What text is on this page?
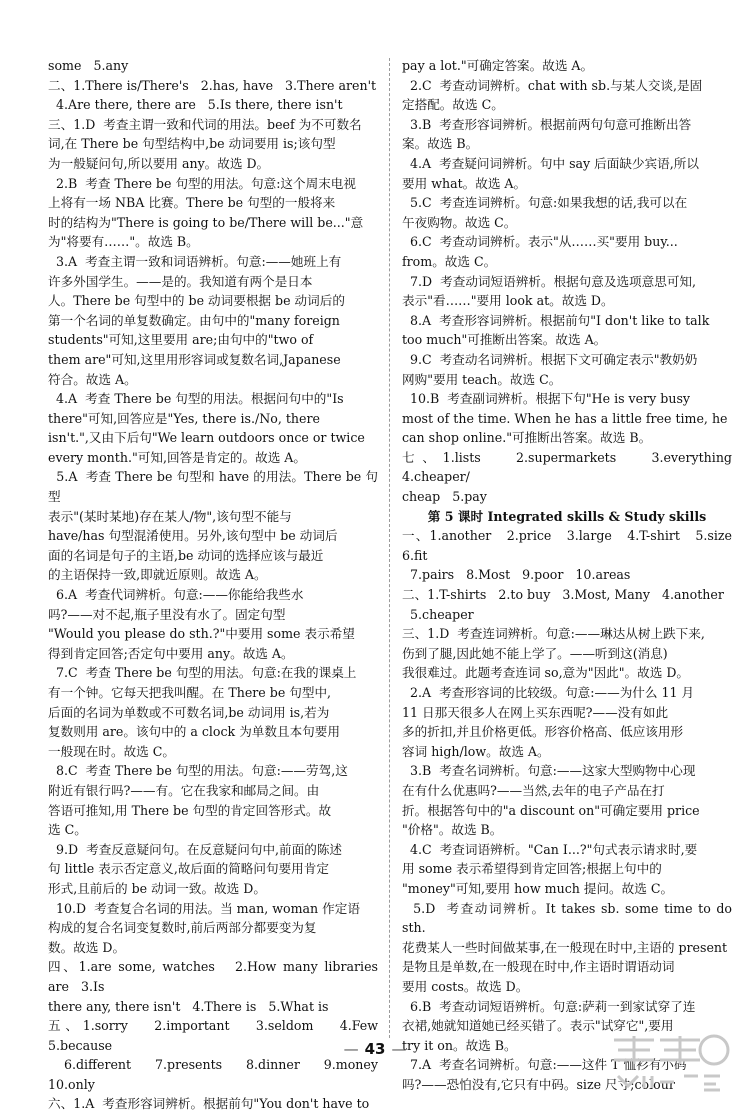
some   5.any

二、1.There is/There's   2.has, have   3.There aren't

4.Are there, there are   5.Is there, there isn't

三、1.D  考查主谓一致和代词的用法。beef 为不可数名

词,在 There be 句型结构中,be 动词要用 is;该句型

为一般疑问句,所以要用 any。故选 D。

2.B  考查 There be 句型的用法。句意:这个周末电视

上将有一场 NBA 比赛。There be 句型的一般将来

时的结构为"There is going to be/There will be..."意

为"将要有……"。故选 B。

3.A  考查主谓一致和词语辨析。句意:——她班上有

许多外国学生。——是的。我知道有两个是日本

人。There be 句型中的 be 动词要根据 be 动词后的

第一个名词的单复数确定。由句中的"many foreign

students"可知,这里要用 are;由句中的"two of

them are"可知,这里用形容词或复数名词,Japanese

符合。故选 A。

4.A  考查 There be 句型的用法。根据问句中的"Is

there"可知,回答应是"Yes, there is./No, there

isn't.",又由下后句"We learn outdoors once or twice

every month."可知,回答是肯定的。故选 A。

5.A  考查 There be 句型和 have 的用法。There be 句型

表示"(某时某地)存在某人/物",该句型不能与

have/has 句型混淆使用。另外,该句型中 be 动词后

面的名词是句子的主语,be 动词的选择应该与最近

的主语保持一致,即就近原则。故选 A。

6.A  考查代词辨析。句意:——你能给我些水

吗?——对不起,瓶子里没有水了。固定句型

"Would you please do sth.?"中要用 some 表示希望

得到肯定回答;否定句中要用 any。故选 A。

7.C  考查 There be 句型的用法。句意:在我的课桌上

有一个钟。它每天把我叫醒。在 There be 句型中,

后面的名词为单数或不可数名词,be 动词用 is,若为

复数则用 are。该句中的 a clock 为单数且本句要用

一般现在时。故选 C。

8.C  考查 There be 句型的用法。句意:——劳驾,这

附近有银行吗?——有。它在我家和邮局之间。由

答语可推知,用 There be 句型的肯定回答形式。故

选 C。

9.D  考查反意疑问句。在反意疑问句中,前面的陈述

句 little 表示否定意义,故后面的简略问句要用肯定

形式,且前后的 be 动词一致。故选 D。

10.D  考查复合名词的用法。当 man, woman 作定语

构成的复合名词变复数时,前后两部分都要变为复

数。故选 D。

四、1.are some, watches   2.How many libraries are   3.Is

there any, there isn't   4.There is   5.What is

五、1.sorry   2.important   3.seldom   4.Few   5.because

6.different   7.presents   8.dinner   9.money   10.only

六、1.A  考查形容词辨析。根据前句"You don't have to

pay a lot."可确定答案。故选 A。

2.C  考查动词辨析。chat with sb.与某人交谈,是固

定搭配。故选 C。

3.B  考查形容词辨析。根据前两句句意可推断出答

案。故选 B。

4.A  考查疑问词辨析。句中 say 后面缺少宾语,所以

要用 what。故选 A。

5.C  考查连词辨析。句意:如果我想的话,我可以在

午夜购物。故选 C。

6.C  考查动词辨析。表示"从……买"要用 buy...

from。故选 C。

7.D  考查动词短语辨析。根据句意及选项意思可知,

表示"看……"要用 look at。故选 D。

8.A  考查形容词辨析。根据前句"I don't like to talk

too much"可推断出答案。故选 A。

9.C  考查动名词辨析。根据下文可确定表示"教奶奶

网购"要用 teach。故选 C。

10.B  考查副词辨析。根据下句"He is very busy

most of the time. When he has a little free time, he

can shop online."可推断出答案。故选 B。

七、1.lists   2.supermarkets   3.everything   4.cheaper/

cheap   5.pay

第 5 课时 Integrated skills & Study skills

一、1.another   2.price   3.large   4.T-shirt   5.size   6.fit

7.pairs   8.Most   9.poor   10.areas

二、1.T-shirts   2.to buy   3.Most, Many   4.another

5.cheaper

三、1.D  考查连词辨析。句意:——琳达从树上跌下来,

伤到了腿,因此她不能上学了。——听到这(消息)

我很难过。此题考查连词 so,意为"因此"。故选 D。

2.A  考查形容词的比较级。句意:——为什么 11 月

11 日那天很多人在网上买东西呢?——没有如此

多的折扣,并且价格更低。形容价格高、低应该用形

容词 high/low。故选 A。

3.B  考查名词辨析。句意:——这家大型购物中心现

在有什么优惠吗?——当然,去年的电子产品在打

折。根据答句中的"a discount on"可确定要用 price

"价格"。故选 B。

4.C  考查词语辨析。"Can I...?"句式表示请求时,要

用 some 表示希望得到肯定回答;根据上句中的

"money"可知,要用 how much 提问。故选 C。

5.D  考查动词辨析。It takes sb. some time to do sth.

花费某人一些时间做某事,在一般现在时中,主语的 present

是物且是单数,在一般现在时中,作主语时谓语动词

要用 costs。故选 D。

6.B  考查动词短语辨析。句意:萨莉一到家试穿了连

衣裙,她就知道她已经买错了。表示"试穿它",要用

try it on。故选 B。

7.A  考查名词辨析。句意:——这件 T 恤衫有小码

吗?——恐怕没有,它只有中码。size 尺寸;colour

— 43 —
